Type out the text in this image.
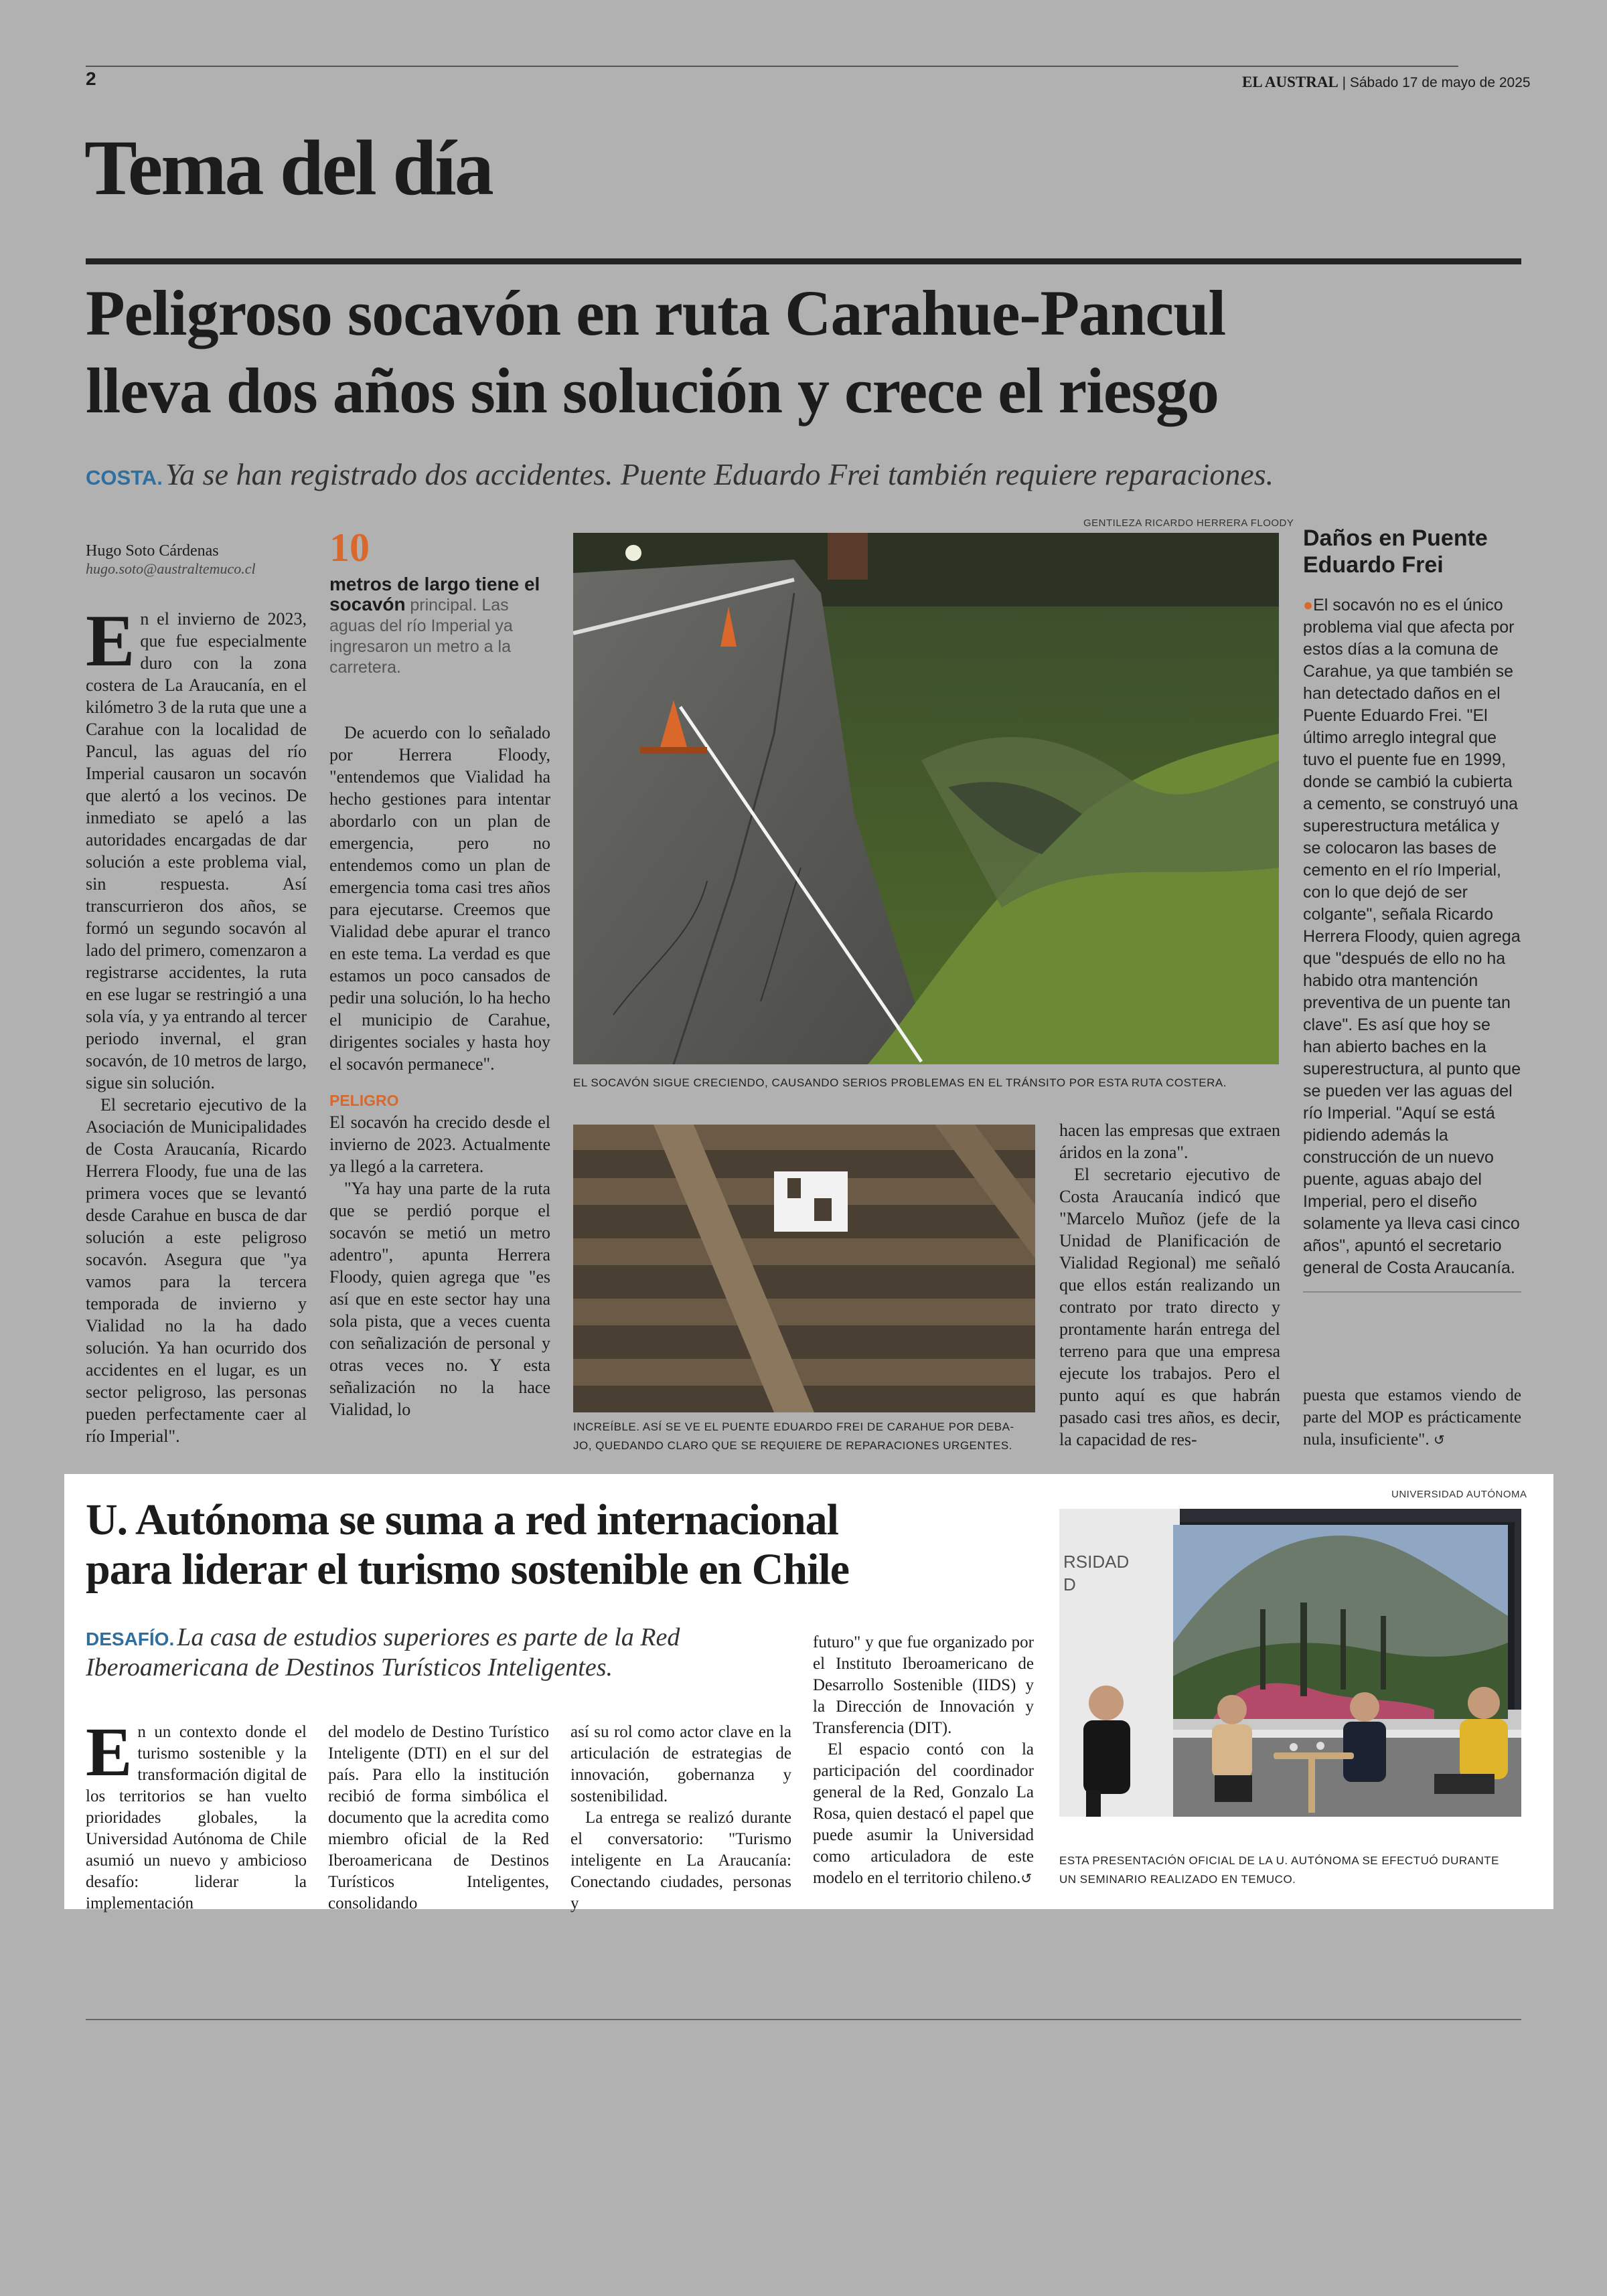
2	EL AUSTRAL | Sábado 17 de mayo de 2025
Tema del día
Peligroso socavón en ruta Carahue-Pancul
lleva dos años sin solución y crece el riesgo
COSTA. Ya se han registrado dos accidentes. Puente Eduardo Frei también requiere reparaciones.
Hugo Soto Cárdenas
hugo.soto@australtemuco.cl

En el invierno de 2023, que fue especialmente duro con la zona costera de La Araucanía, en el kilómetro 3 de la ruta que une a Carahue con la localidad de Pancul, las aguas del río Imperial causaron un socavón que alertó a los vecinos. De inmediato se apeló a las autoridades encargadas de dar solución a este problema vial, sin respuesta. Así transcurrieron dos años, se formó un segundo socavón al lado del primero, comenzaron a registrarse accidentes, la ruta en ese lugar se restringió a una sola vía, y ya entrando al tercer periodo invernal, el gran socavón, de 10 metros de largo, sigue sin solución.

El secretario ejecutivo de la Asociación de Municipalidades de Costa Araucanía, Ricardo Herrera Floody, fue una de las primera voces que se levantó desde Carahue en busca de dar solución a este peligroso socavón. Asegura que "ya vamos para la tercera temporada de invierno y Vialidad no la ha dado solución. Ya han ocurrido dos accidentes en el lugar, es un sector peligroso, las personas pueden perfectamente caer al río Imperial".

10
metros de largo tiene el socavón principal. Las aguas del río Imperial ya ingresaron un metro a la carretera.

De acuerdo con lo señalado por Herrera Floody, "entendemos que Vialidad ha hecho gestiones para intentar abordarlo con un plan de emergencia, pero no entendemos como un plan de emergencia toma casi tres años para ejecutarse. Creemos que Vialidad debe apurar el tranco en este tema. La verdad es que estamos un poco cansados de pedir una solución, lo ha hecho el municipio de Carahue, dirigentes sociales y hasta hoy el socavón permanece".

PELIGRO

El socavón ha crecido desde el invierno de 2023. Actualmente ya llegó a la carretera.

"Ya hay una parte de la ruta que se perdió porque el socavón se metió un metro adentro", apunta Herrera Floody, quien agrega que "es así que en este sector hay una sola pista, que a veces cuenta con señalización de personal y otras veces no. Y esta señalización no la hace Vialidad, lo

GENTILEZA RICARDO HERRERA FLOODY
EL SOCAVÓN SIGUE CRECIENDO, CAUSANDO SERIOS PROBLEMAS EN EL TRÁNSITO POR ESTA RUTA COSTERA.
INCREÍBLE. ASÍ SE VE EL PUENTE EDUARDO FREI DE CARAHUE POR DEBA-
JO, QUEDANDO CLARO QUE SE REQUIERE DE REPARACIONES URGENTES.

hacen las empresas que extraen áridos en la zona".

El secretario ejecutivo de Costa Araucanía indicó que "Marcelo Muñoz (jefe de la Unidad de Planificación de Vialidad Regional) me señaló que ellos están realizando un contrato por trato directo y prontamente harán entrega del terreno para que una empresa ejecute los trabajos. Pero el punto aquí es que habrán pasado casi tres años, es decir, la capacidad de res-

Daños en Puente Eduardo Frei

●El socavón no es el único problema vial que afecta por estos días a la comuna de Carahue, ya que también se han detectado daños en el Puente Eduardo Frei. "El último arreglo integral que tuvo el puente fue en 1999, donde se cambió la cubierta a cemento, se construyó una superestructura metálica y se colocaron las bases de cemento en el río Imperial, con lo que dejó de ser colgante", señala Ricardo Herrera Floody, quien agrega que "después de ello no ha habido otra mantención preventiva de un puente tan clave". Es así que hoy se han abierto baches en la superestructura, al punto que se pueden ver las aguas del río Imperial. "Aquí se está pidiendo además la construcción de un nuevo puente, aguas abajo del Imperial, pero el diseño solamente ya lleva casi cinco años", apuntó el secretario general de Costa Araucanía.

puesta que estamos viendo de parte del MOP es prácticamente nula, insuficiente". ↺

U. Autónoma se suma a red internacional
para liderar el turismo sostenible en Chile
DESAFÍO. La casa de estudios superiores es parte de la Red
Iberoamericana de Destinos Turísticos Inteligentes.

En un contexto donde el turismo sostenible y la transformación digital de los territorios se han vuelto prioridades globales, la Universidad Autónoma de Chile asumió un nuevo y ambicioso desafío: liderar la implementación

del modelo de Destino Turístico Inteligente (DTI) en el sur del país. Para ello la institución recibió de forma simbólica el documento que la acredita como miembro oficial de la Red Iberoamericana de Destinos Turísticos Inteligentes, consolidando

así su rol como actor clave en la articulación de estrategias de innovación, gobernanza y sostenibilidad.

La entrega se realizó durante el conversatorio: "Turismo inteligente en La Araucanía: Conectando ciudades, personas y

futuro" y que fue organizado por el Instituto Iberoamericano de Desarrollo Sostenible (IIDS) y la Dirección de Innovación y Transferencia (DIT).

El espacio contó con la participación del coordinador general de la Red, Gonzalo La Rosa, quien destacó el papel que puede asumir la Universidad como articuladora de este modelo en el territorio chileno.↺

UNIVERSIDAD AUTÓNOMA
RSIDAD
D
ESTA PRESENTACIÓN OFICIAL DE LA U. AUTÓNOMA SE EFECTUÓ DURANTE
UN SEMINARIO REALIZADO EN TEMUCO.
